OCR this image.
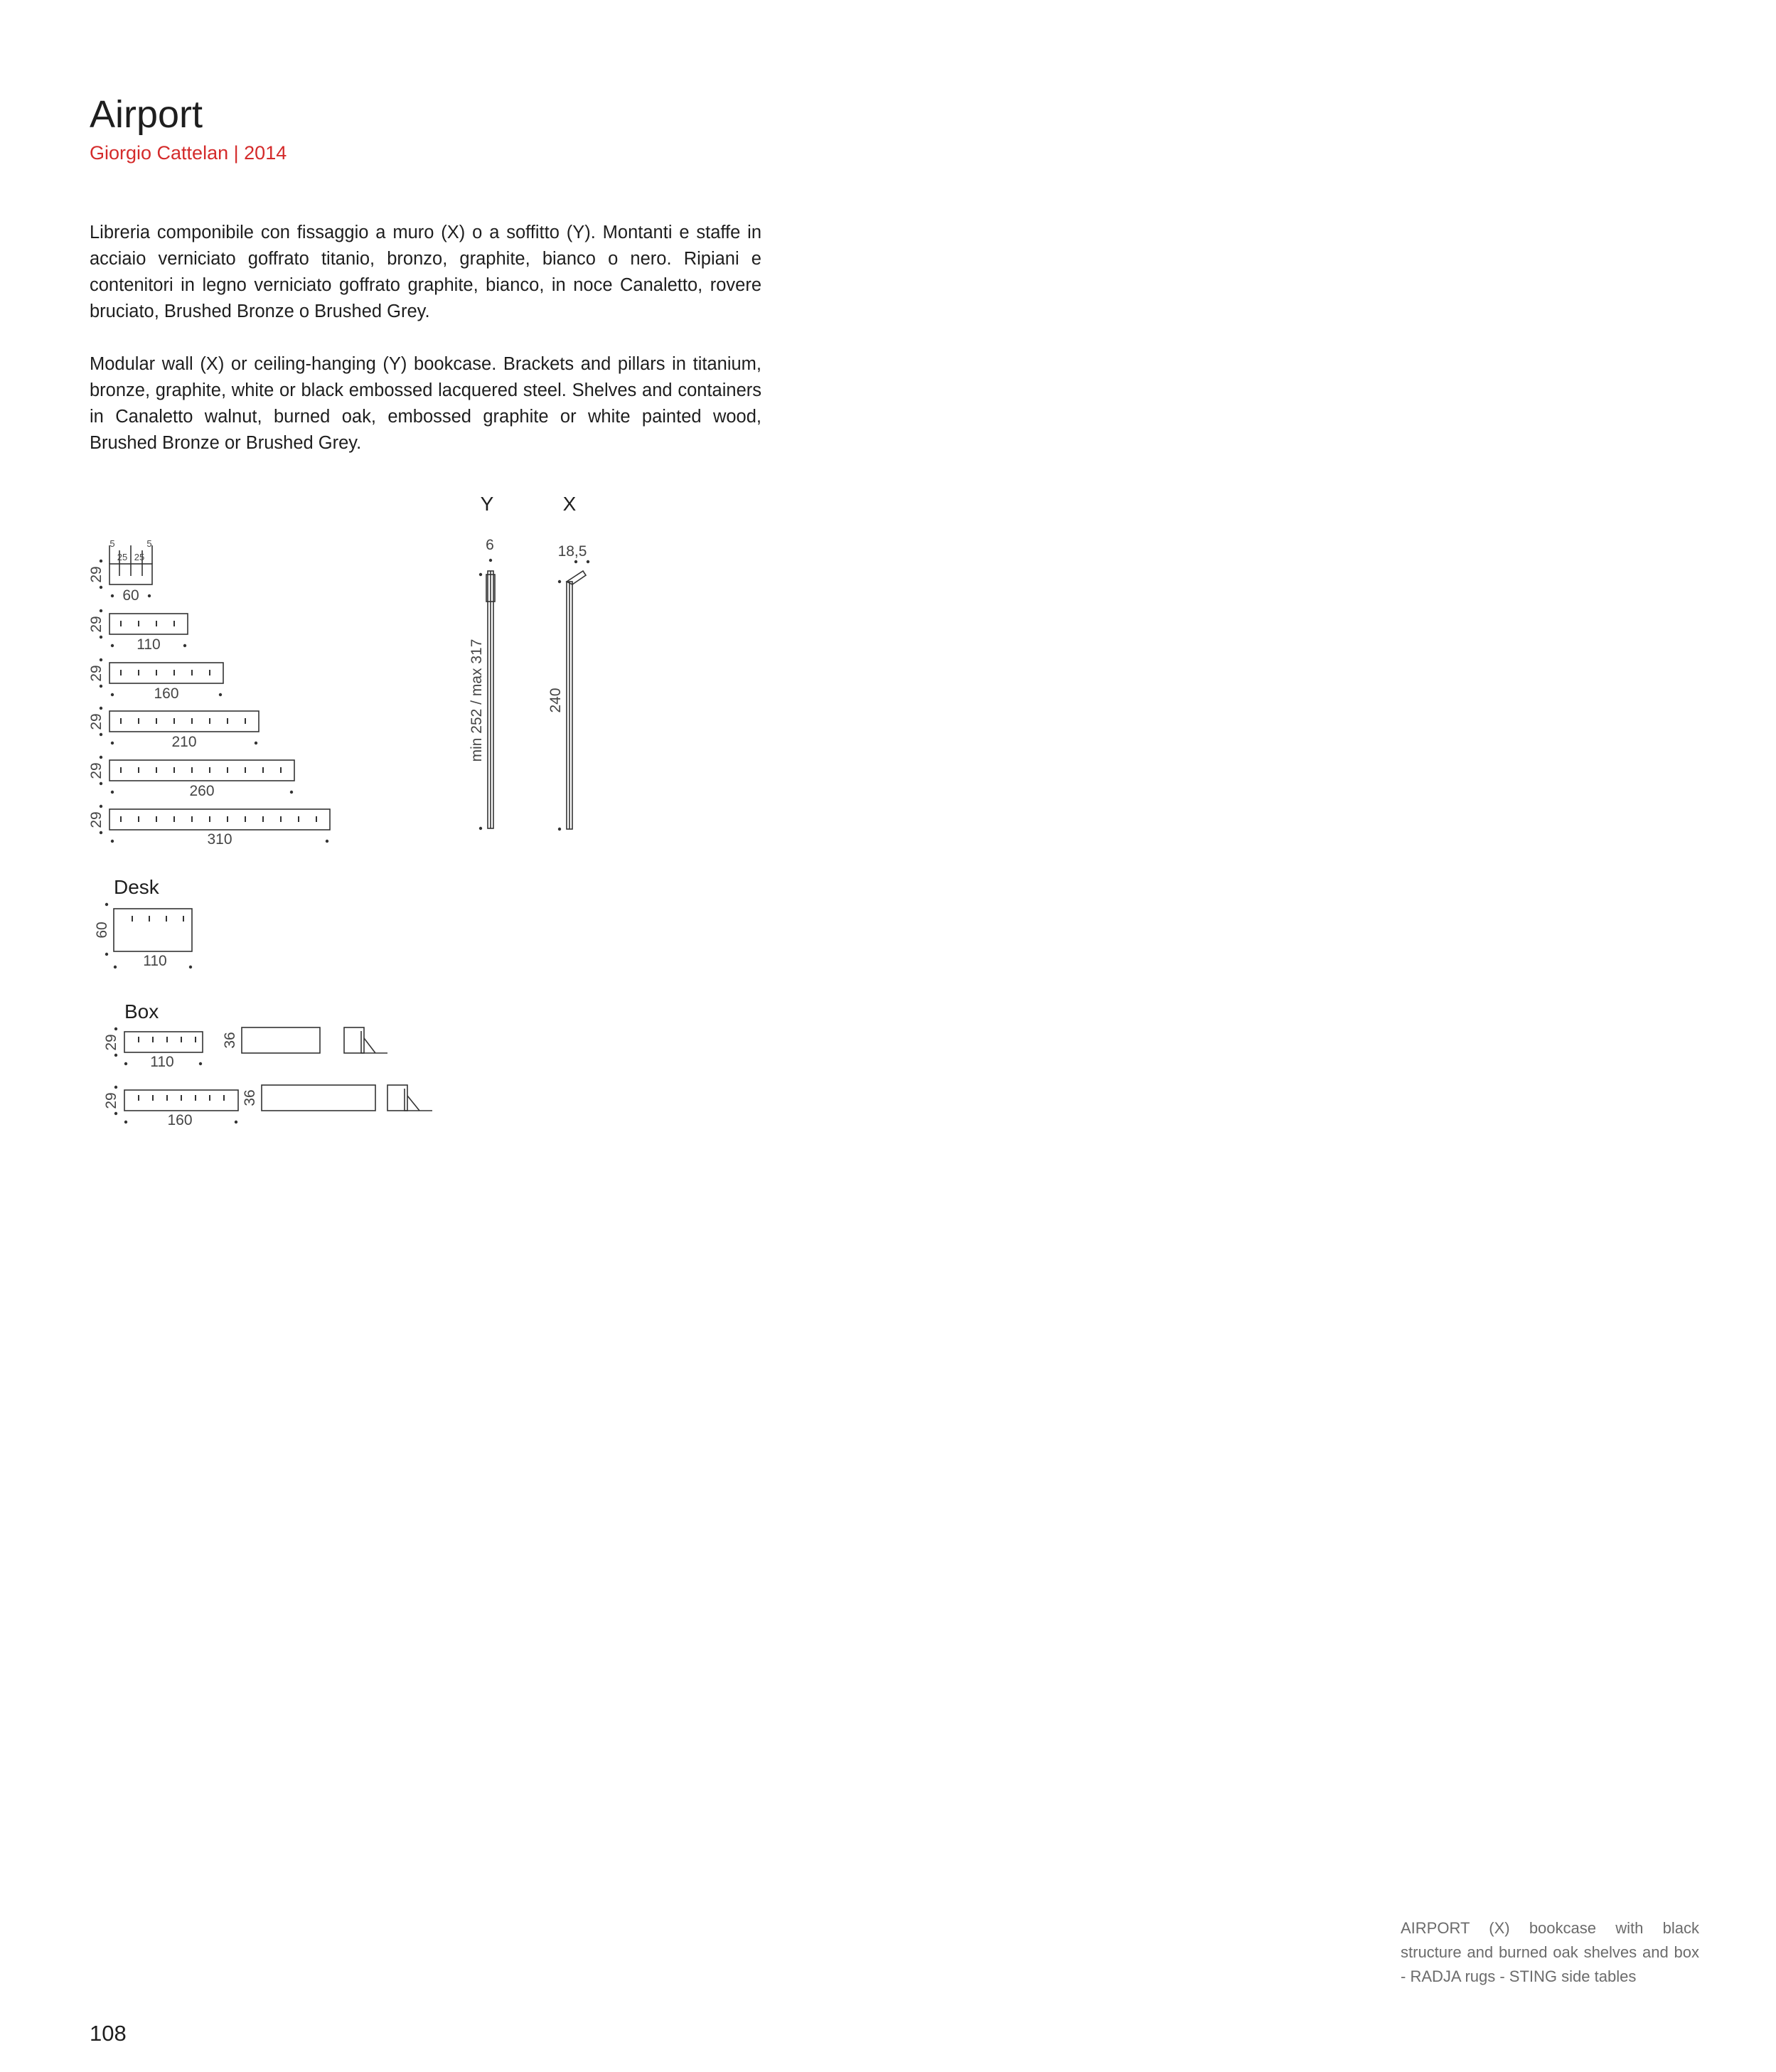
Airport

Giorgio Cattelan | 2014

Libreria componibile con fissaggio a muro (X) o a soffitto (Y). Montanti e staffe in acciaio verniciato goffrato titanio, bronzo, graphite, bianco o nero. Ripiani e contenitori in legno verniciato goffrato graphite, bianco, in noce Canaletto, rovere bruciato, Brushed Bronze o Brushed Grey.

Modular wall (X) or ceiling-hanging (Y) bookcase. Brackets and pillars in titanium, bronze, graphite, white or black embossed lacquered steel. Shelves and containers in Canaletto walnut, burned oak, embossed graphite or white painted wood, Brushed Bronze or Brushed Grey.

5	5
25 25
60
110
160
210
260
310
29
29
29
29
29
29
Y	X
6	18,5
min 252 / max 317	240
Desk
60
110
Box
29
29
36
36
110
160

AIRPORT (X) bookcase with black structure and burned oak shelves and box - RADJA rugs - STING side tables

108
